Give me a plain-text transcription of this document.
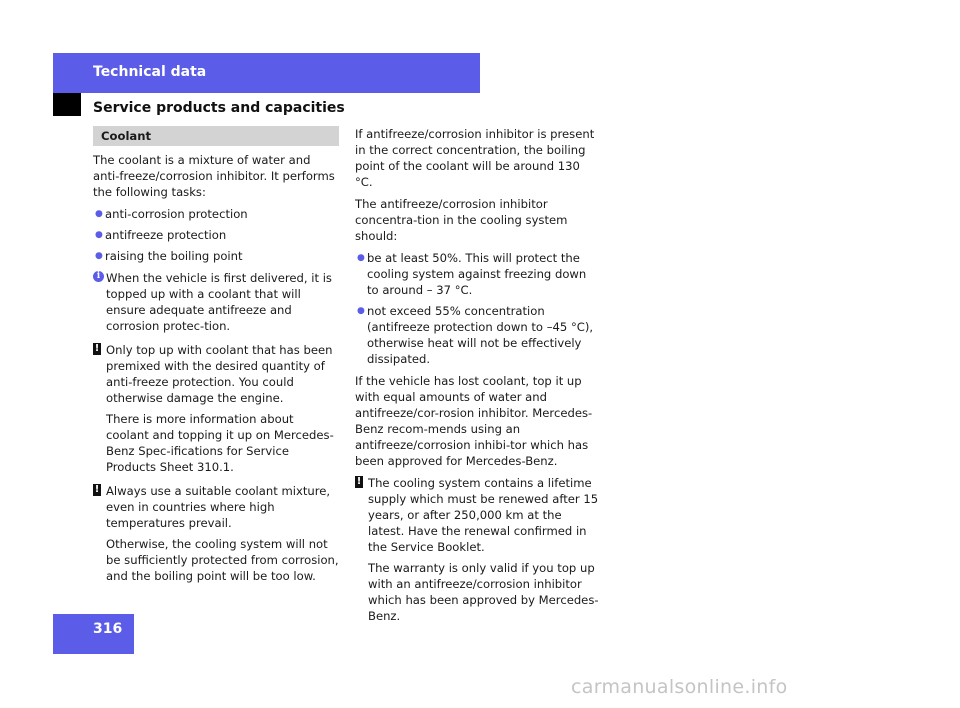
Technical data
Service products and capacities
Coolant

The coolant is a mixture of water and anti-freeze/corrosion inhibitor. It performs the following tasks:

● anti-corrosion protection
● antifreeze protection
● raising the boiling point
i When the vehicle is first delivered, it is topped up with a coolant that will ensure adequate antifreeze and corrosion protec-tion.

! Only top up with coolant that has been premixed with the desired quantity of anti-freeze protection. You could otherwise damage the engine.

There is more information about coolant and topping it up on Mercedes-Benz Spec-ifications for Service Products Sheet 310.1.

! Always use a suitable coolant mixture, even in countries where high temperatures prevail.

Otherwise, the cooling system will not be sufficiently protected from corrosion, and the boiling point will be too low.

If antifreeze/corrosion inhibitor is present in the correct concentration, the boiling point of the coolant will be around 130 °C.

The antifreeze/corrosion inhibitor concentra-tion in the cooling system should:

● be at least 50%. This will protect the cooling system against freezing down to around – 37 °C.
● not exceed 55% concentration (antifreeze protection down to –45 °C), otherwise heat will not be effectively dissipated.

If the vehicle has lost coolant, top it up with equal amounts of water and antifreeze/cor-rosion inhibitor. Mercedes-Benz recom-mends using an antifreeze/corrosion inhibi-tor which has been approved for Mercedes-Benz.

! The cooling system contains a lifetime supply which must be renewed after 15 years, or after 250,000 km at the latest. Have the renewal confirmed in the Service Booklet.

The warranty is only valid if you top up with an antifreeze/corrosion inhibitor which has been approved by Mercedes-Benz.

316
carmanualsonline.info
